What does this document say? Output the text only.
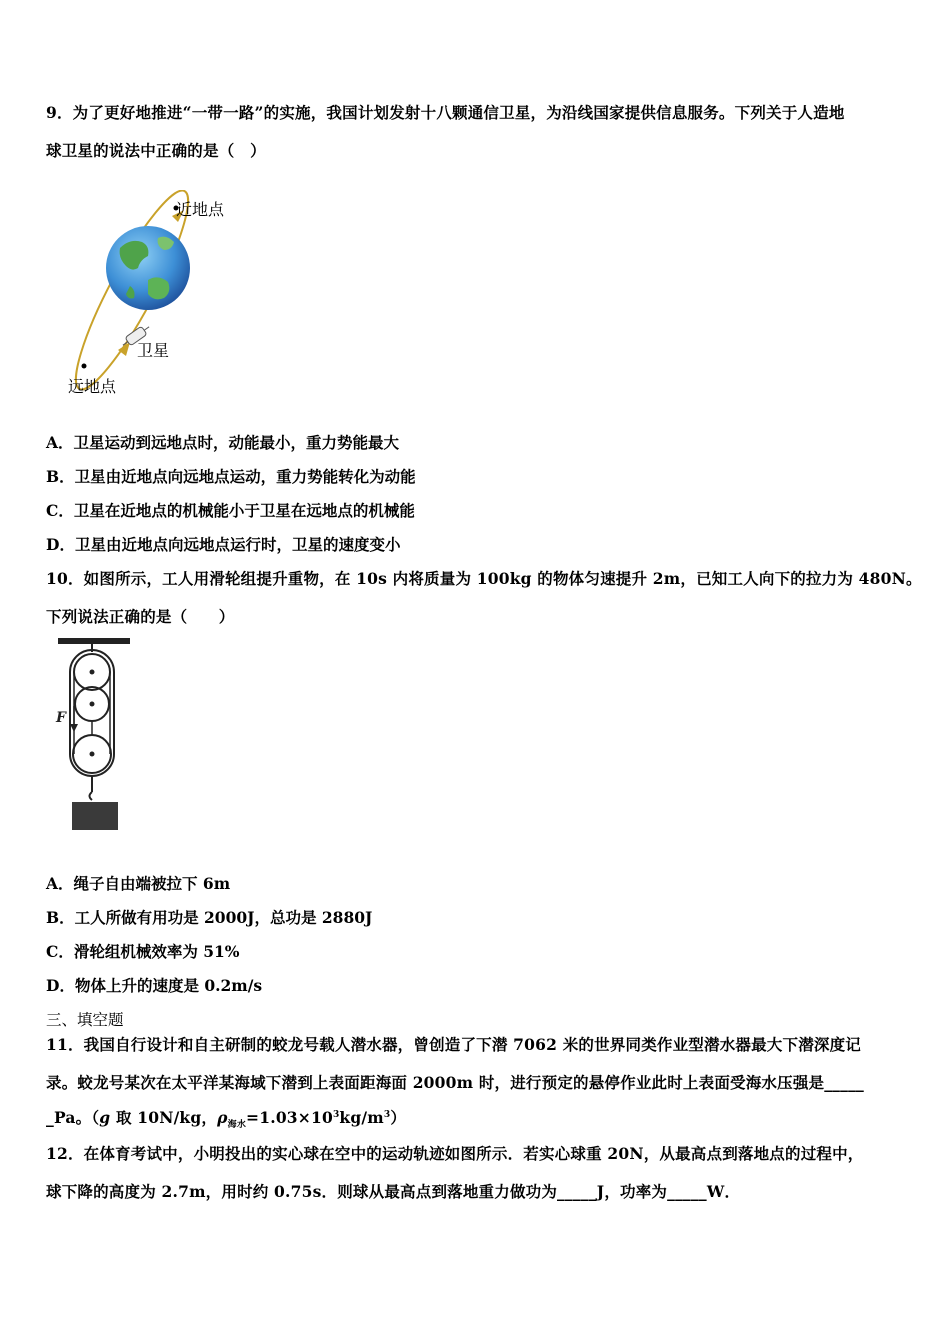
9．为了更好地推进“一带一路”的实施，我国计划发射十八颗通信卫星，为沿线国家提供信息服务。下列关于人造地
球卫星的说法中正确的是（　）
近地点
卫星
远地点
A．卫星运动到远地点时，动能最小，重力势能最大
B．卫星由近地点向远地点运动，重力势能转化为动能
C．卫星在近地点的机械能小于卫星在远地点的机械能
D．卫星由近地点向远地点运行时，卫星的速度变小
10．如图所示，工人用滑轮组提升重物，在 10s 内将质量为 100kg 的物体匀速提升 2m，已知工人向下的拉力为 480N。
下列说法正确的是（　　）
F
A．绳子自由端被拉下 6m
B．工人所做有用功是 2000J，总功是 2880J
C．滑轮组机械效率为 51%
D．物体上升的速度是 0.2m/s
三、填空题
11．我国自行设计和自主研制的蛟龙号载人潜水器，曾创造了下潜 7062 米的世界同类作业型潜水器最大下潜深度记
录。蛟龙号某次在太平洋某海域下潜到上表面距海面 2000m 时，进行预定的悬停作业此时上表面受海水压强是_____
_Pa。（g 取 10N/kg，$\rho_{海水}=1.03\times 10^3kg/m^3$）
12．在体育考试中，小明投出的实心球在空中的运动轨迹如图所示．若实心球重 20N，从最高点到落地点的过程中，
球下降的高度为 2.7m，用时约 0.75s．则球从最高点到落地重力做功为_____J，功率为_____W．
